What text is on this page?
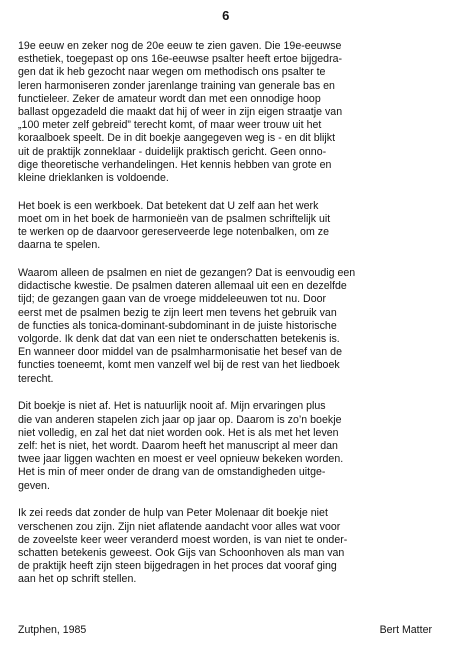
6

19e eeuw en zeker nog de 20e eeuw te zien gaven. Die 19e-eeuwse
esthetiek, toegepast op ons 16e-eeuwse psalter heeft ertoe bijgedra-
gen dat ik heb gezocht naar wegen om methodisch ons psalter te
leren harmoniseren zonder jarenlange training van generale bas en
functieleer. Zeker de amateur wordt dan met een onnodige hoop
ballast opgezadeld die maakt dat hij of weer in zijn eigen straatje van
„100 meter zelf gebreid” terecht komt, of maar weer trouw uit het
koraalboek speelt. De in dit boekje aangegeven weg is - en dit blijkt
uit de praktijk zonneklaar - duidelijk praktisch gericht. Geen onno-
dige theoretische verhandelingen. Het kennis hebben van grote en
kleine drieklanken is voldoende.

Het boek is een werkboek. Dat betekent dat U zelf aan het werk
moet om in het boek de harmonieën van de psalmen schriftelijk uit
te werken op de daarvoor gereserveerde lege notenbalken, om ze
daarna te spelen.

Waarom alleen de psalmen en niet de gezangen? Dat is eenvoudig een
didactische kwestie. De psalmen dateren allemaal uit een en dezelfde
tijd; de gezangen gaan van de vroege middeleeuwen tot nu. Door
eerst met de psalmen bezig te zijn leert men tevens het gebruik van
de functies als tonica-dominant-subdominant in de juiste historische
volgorde. Ik denk dat dat van een niet te onderschatten betekenis is.
En wanneer door middel van de psalmharmonisatie het besef van de
functies toeneemt, komt men vanzelf wel bij de rest van het liedboek
terecht.

Dit boekje is niet af. Het is natuurlijk nooit af. Mijn ervaringen plus
die van anderen stapelen zich jaar op jaar op. Daarom is zo’n boekje
niet volledig, en zal het dat niet worden ook. Het is als met het leven
zelf: het is niet, het wordt. Daarom heeft het manuscript al meer dan
twee jaar liggen wachten en moest er veel opnieuw bekeken worden.
Het is min of meer onder de drang van de omstandigheden uitge-
geven.

Ik zei reeds dat zonder de hulp van Peter Molenaar dit boekje niet
verschenen zou zijn. Zijn niet aflatende aandacht voor alles wat voor
de zoveelste keer weer veranderd moest worden, is van niet te onder-
schatten betekenis geweest. Ook Gijs van Schoonhoven als man van
de praktijk heeft zijn steen bijgedragen in het proces dat vooraf ging
aan het op schrift stellen.

Zutphen, 1985	Bert Matter
